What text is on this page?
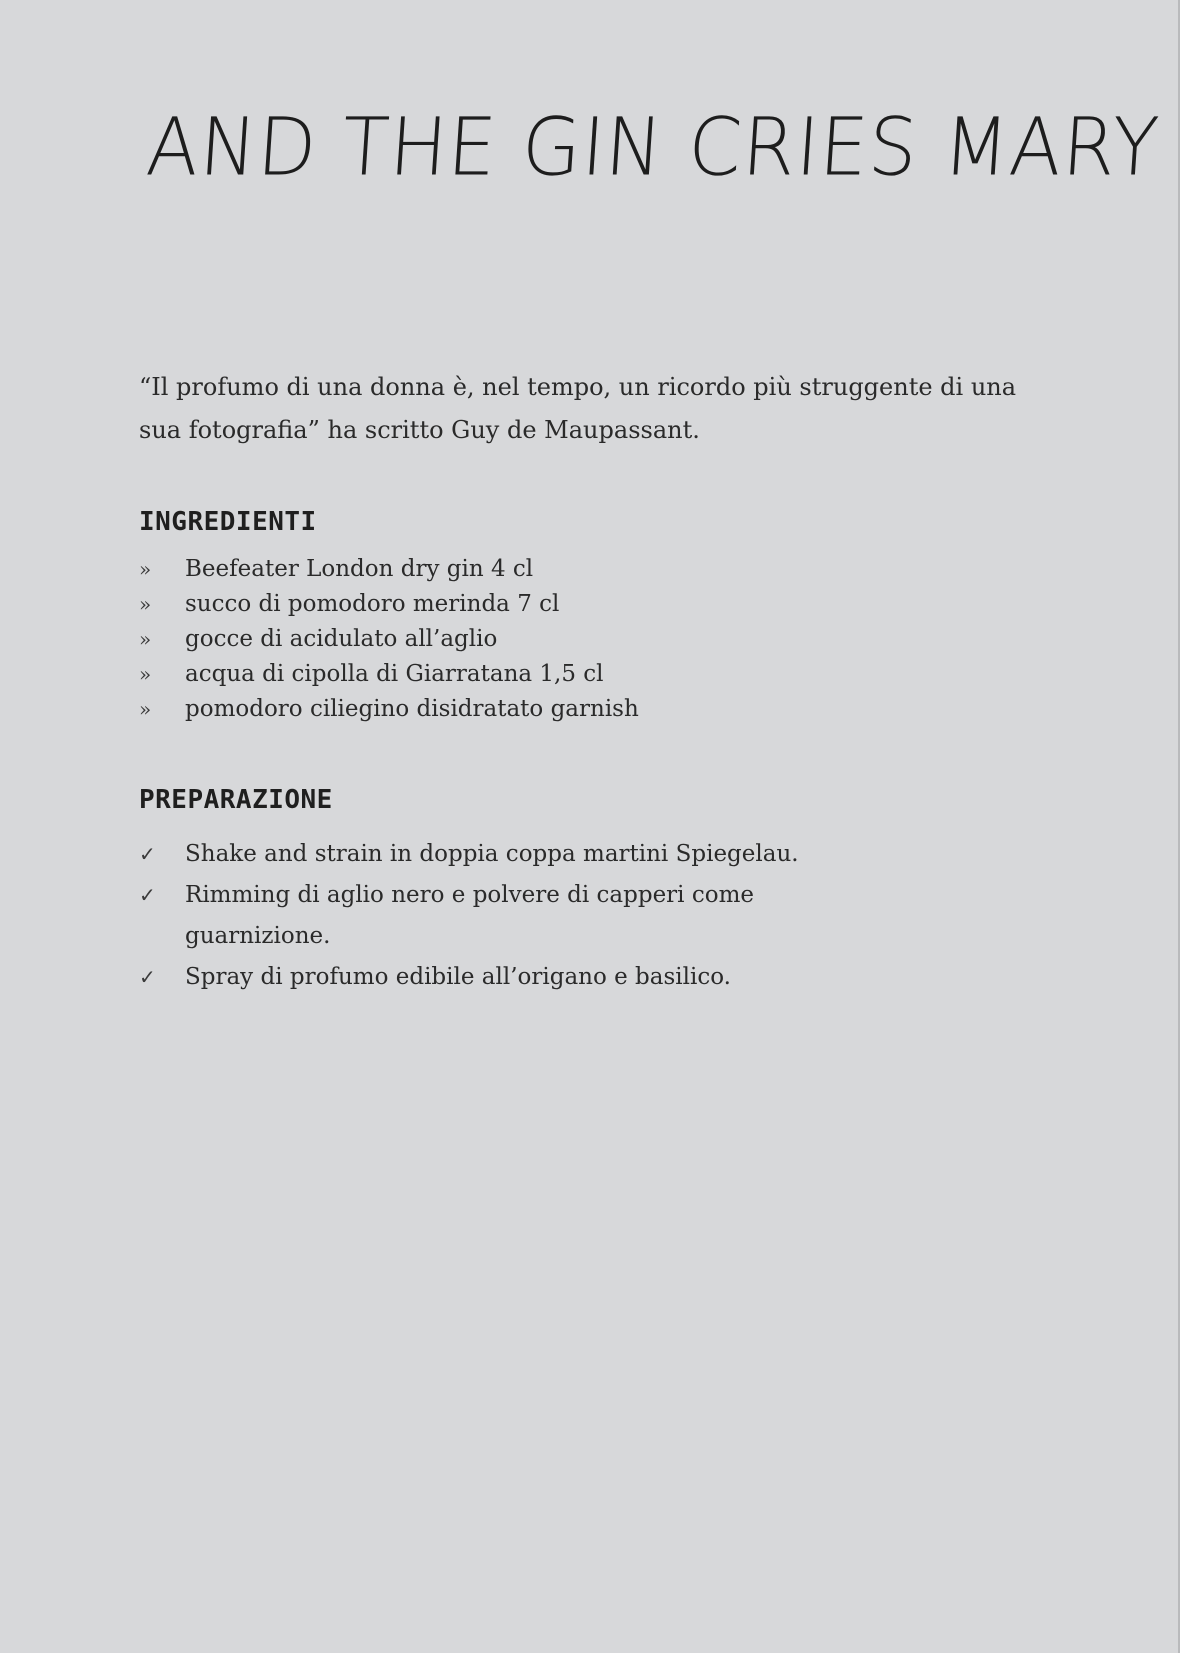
AND THE GIN CRIES MARY

“Il profumo di una donna è, nel tempo, un ricordo più struggente di una sua fotografia” ha scritto Guy de Maupassant.

INGREDIENTI
»	Beefeater London dry gin 4 cl
»	succo di pomodoro merinda 7 cl
»	gocce di acidulato all’aglio
»	acqua di cipolla di Giarratana 1,5 cl
»	pomodoro ciliegino disidratato garnish
PREPARAZIONE
✓	Shake and strain in doppia coppa martini Spiegelau.
✓	Rimming di aglio nero e polvere di capperi come guarnizione.
✓	Spray di profumo edibile all’origano e basilico.
